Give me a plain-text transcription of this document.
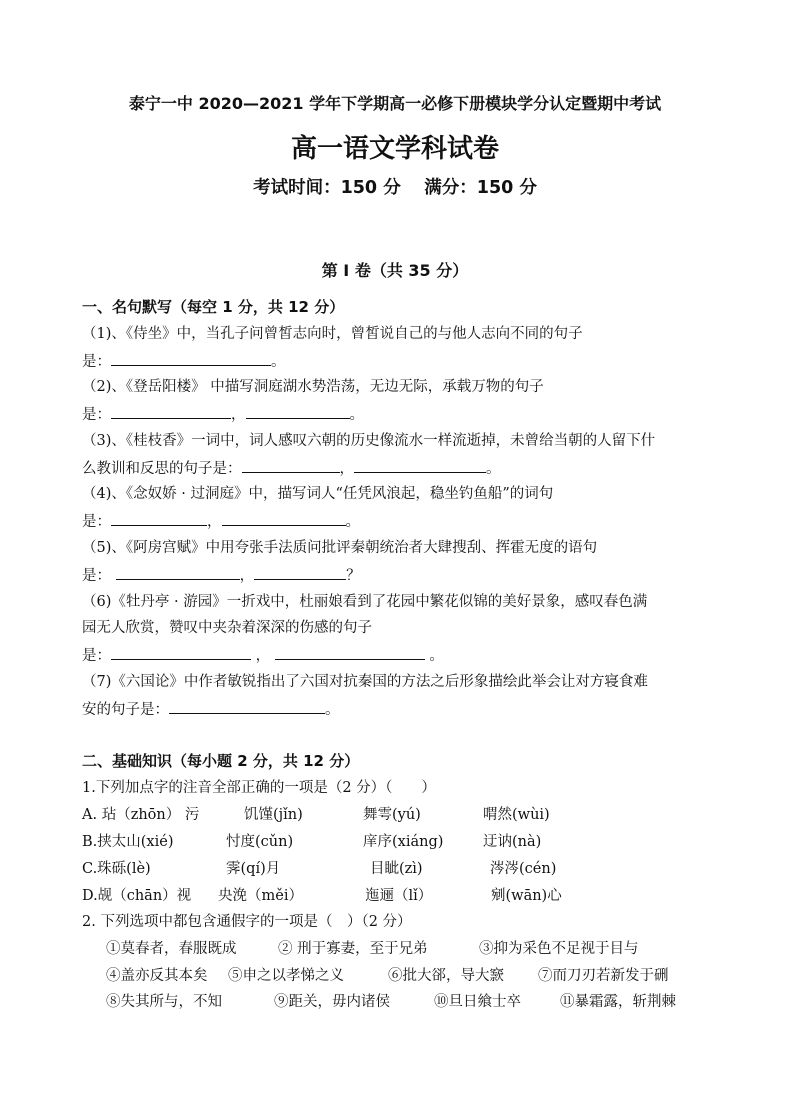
泰宁一中 2020—2021 学年下学期高一必修下册模块学分认定暨期中考试
高一语文学科试卷
考试时间：150 分　 满分：150 分
第 I 卷（共 35 分）
一、名句默写（每空 1 分，共 12 分）
（1)、《侍坐》中，当孔子问曾皙志向时，曾皙说自己的与他人志向不同的句子
是：	。
（2)、《登岳阳楼》 中描写洞庭湖水势浩荡，无边无际，承载万物的句子
是：	，	。
（3)、《桂枝香》一词中，词人感叹六朝的历史像流水一样流逝掉，未曾给当朝的人留下什
么教训和反思的句子是：	，	。
（4)、《念奴娇 · 过洞庭》中，描写词人“任凭风浪起，稳坐钓鱼船”的词句
是：	，	。
（5)、《阿房宫赋》中用夸张手法质问批评秦朝统治者大肆搜刮、挥霍无度的语句
是：	，	？
（6)《牡丹亭 · 游园》一折戏中，杜丽娘看到了花园中繁花似锦的美好景象，感叹春色满
园无人欣赏，赞叹中夹杂着深深的伤感的句子
是：	，	。
（7)《六国论》中作者敏锐指出了六国对抗秦国的方法之后形象描绘此举会让对方寝食难
安的句子是：	。
二、基础知识（每小题 2 分，共 12 分）
1.下列加点字的注音全部正确的一项是（2 分）（　　）
A. 玷（zhōn） 污	饥馑(jǐn)	舞雩(yú)	喟然(wùi)
B.挟太山(xié)	忖度(cǔn)	庠序(xiáng)	迂讷(nà)
C.珠砾(lè)	霁(qí)月	目眦(zì)	涔涔(cén)
D.觇（chān）视 央浼（měi）	迤逦（lǐ）	剜(wān)心
2. 下列选项中都包含通假字的一项是（　）（2 分）
①莫春者，春服既成	② 刑于寡妻，至于兄弟	③抑为采色不足视于目与
④盖亦反其本矣 ⑤申之以孝悌之义	⑥批大郤，导大窾 ⑦而刀刃若新发于硎
⑧失其所与，不知	⑨距关，毋内诸侯	⑩旦日飨士卒	⑪暴霜露，斩荆棘
